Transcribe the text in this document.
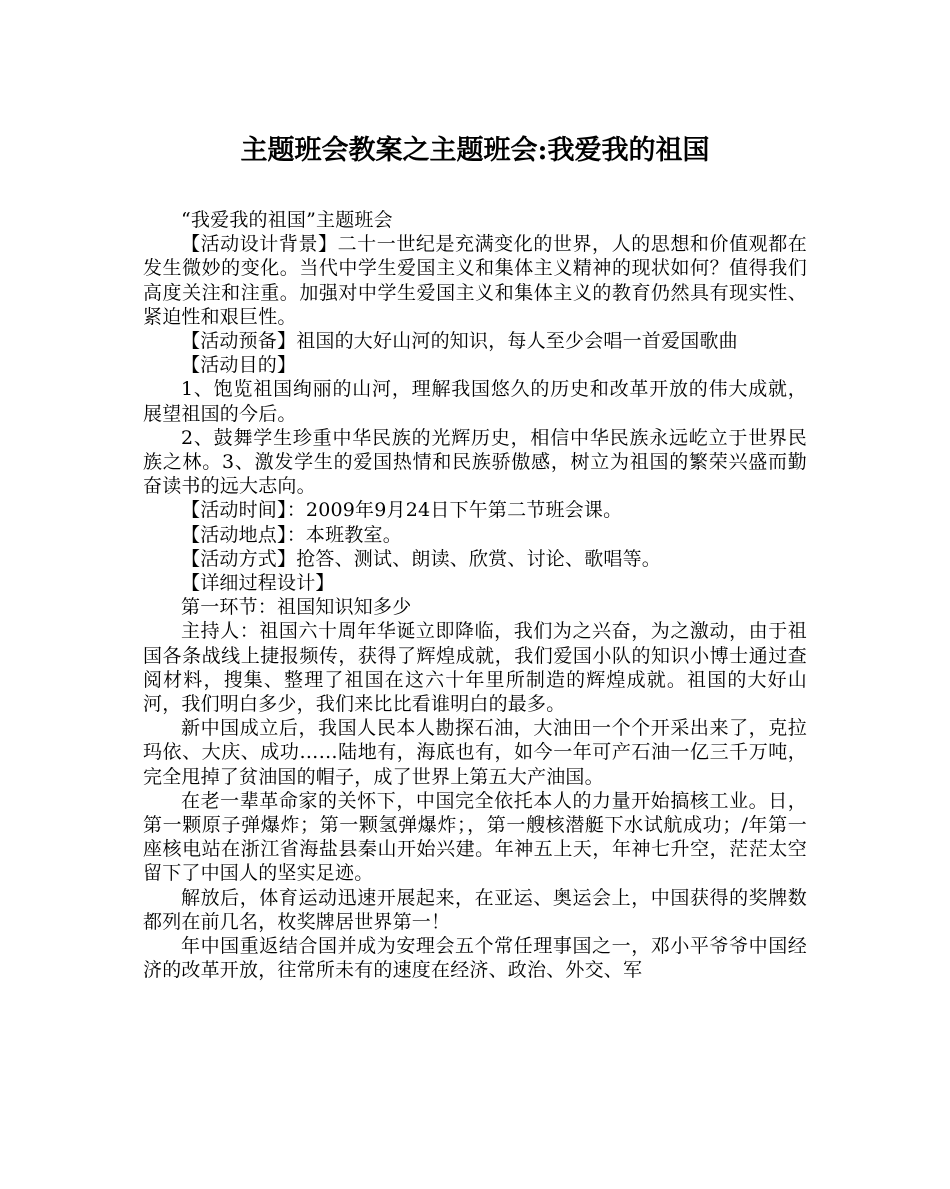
主题班会教案之主题班会:我爱我的祖国

“我爱我的祖国”主题班会

【活动设计背景】二十一世纪是充满变化的世界，人的思想和价值观都在发生微妙的变化。当代中学生爱国主义和集体主义精神的现状如何？值得我们高度关注和注重。加强对中学生爱国主义和集体主义的教育仍然具有现实性、紧迫性和艰巨性。

【活动预备】祖国的大好山河的知识，每人至少会唱一首爱国歌曲

【活动目的】

1、饱览祖国绚丽的山河，理解我国悠久的历史和改革开放的伟大成就，展望祖国的今后。

2、鼓舞学生珍重中华民族的光辉历史，相信中华民族永远屹立于世界民族之林。3、激发学生的爱国热情和民族骄傲感，树立为祖国的繁荣兴盛而勤奋读书的远大志向。

【活动时间】：2009年9月24日下午第二节班会课。

【活动地点】：本班教室。

【活动方式】抢答、测试、朗读、欣赏、讨论、歌唱等。

【详细过程设计】

第一环节：祖国知识知多少

主持人：祖国六十周年华诞立即降临，我们为之兴奋，为之激动，由于祖国各条战线上捷报频传，获得了辉煌成就，我们爱国小队的知识小博士通过查阅材料，搜集、整理了祖国在这六十年里所制造的辉煌成就。祖国的大好山河，我们明白多少，我们来比比看谁明白的最多。

新中国成立后，我国人民本人勘探石油，大油田一个个开采出来了，克拉玛依、大庆、成功……陆地有，海底也有，如今一年可产石油一亿三千万吨，完全甩掉了贫油国的帽子，成了世界上第五大产油国。

在老一辈革命家的关怀下，中国完全依托本人的力量开始搞核工业。日，第一颗原子弹爆炸；第一颗氢弹爆炸；，第一艘核潜艇下水试航成功；/年第一座核电站在浙江省海盐县秦山开始兴建。年神五上天，年神七升空，茫茫太空留下了中国人的坚实足迹。

解放后，体育运动迅速开展起来，在亚运、奥运会上，中国获得的奖牌数都列在前几名，枚奖牌居世界第一！

年中国重返结合国并成为安理会五个常任理事国之一，邓小平爷爷中国经济的改革开放，往常所未有的速度在经济、政治、外交、军
